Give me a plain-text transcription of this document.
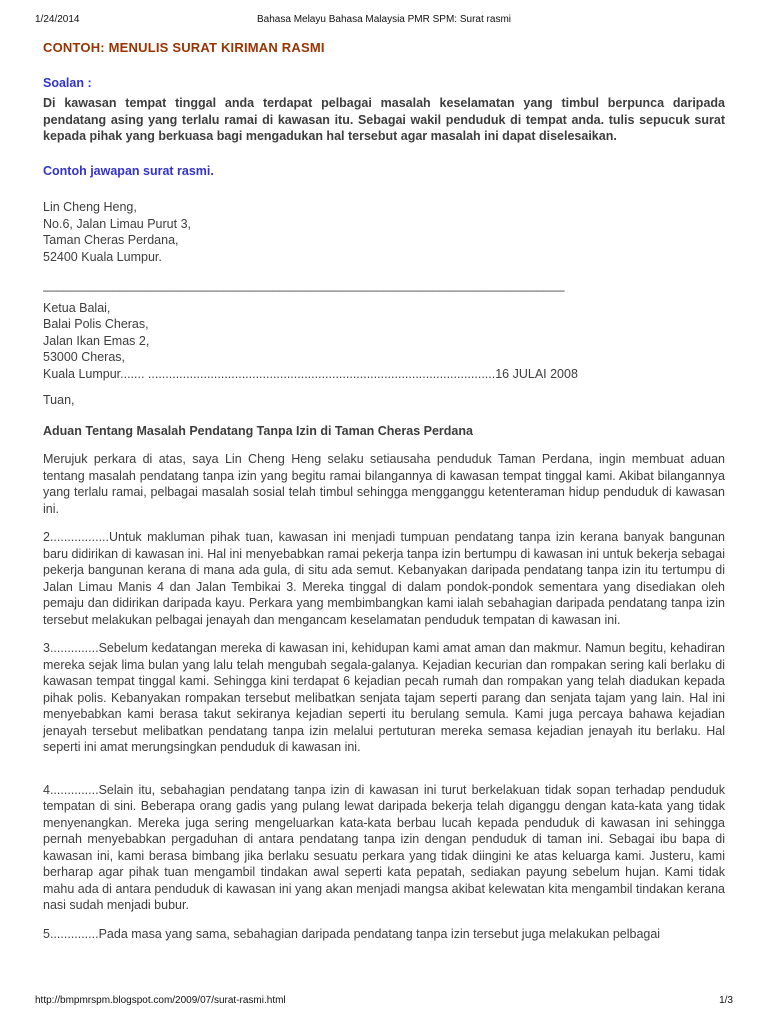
1/24/2014	Bahasa Melayu Bahasa Malaysia PMR SPM: Surat rasmi
CONTOH: MENULIS SURAT KIRIMAN RASMI
Soalan :

Di kawasan tempat tinggal anda terdapat pelbagai masalah keselamatan yang timbul berpunca daripada pendatang asing yang terlalu ramai di kawasan itu. Sebagai wakil penduduk di tempat anda. tulis sepucuk surat kepada pihak yang berkuasa bagi mengadukan hal tersebut agar masalah ini dapat diselesaikan.

Contoh jawapan surat rasmi.
Lin Cheng Heng,
No.6, Jalan Limau Purut 3,
Taman Cheras Perdana,
52400 Kuala Lumpur.
___________________________________________________________________________
Ketua Balai,
Balai Polis Cheras,
Jalan Ikan Emas 2,
53000 Cheras,
Kuala Lumpur....... ....................................................................................................16 JULAI 2008
Tuan,
Aduan Tentang Masalah Pendatang Tanpa Izin di Taman Cheras Perdana

Merujuk perkara di atas, saya Lin Cheng Heng selaku setiausaha penduduk Taman Perdana, ingin membuat aduan tentang masalah pendatang tanpa izin yang begitu ramai bilangannya di kawasan tempat tinggal kami. Akibat bilangannya yang terlalu ramai, pelbagai masalah sosial telah timbul sehingga mengganggu ketenteraman hidup penduduk di kawasan ini.

2.................Untuk makluman pihak tuan, kawasan ini menjadi tumpuan pendatang tanpa izin kerana banyak bangunan baru didirikan di kawasan ini. Hal ini menyebabkan ramai pekerja tanpa izin bertumpu di kawasan ini untuk bekerja sebagai pekerja bangunan kerana di mana ada gula, di situ ada semut. Kebanyakan daripada pendatang tanpa izin itu tertumpu di Jalan Limau Manis 4 dan Jalan Tembikai 3. Mereka tinggal di dalam pondok-pondok sementara yang disediakan oleh pemaju dan didirikan daripada kayu. Perkara yang membimbangkan kami ialah sebahagian daripada pendatang tanpa izin tersebut melakukan pelbagai jenayah dan mengancam keselamatan penduduk tempatan di kawasan ini.

3..............Sebelum kedatangan mereka di kawasan ini, kehidupan kami amat aman dan makmur. Namun begitu, kehadiran mereka sejak lima bulan yang lalu telah mengubah segala-galanya. Kejadian kecurian dan rompakan sering kali berlaku di kawasan tempat tinggal kami. Sehingga kini terdapat 6 kejadian pecah rumah dan rompakan yang telah diadukan kepada pihak polis. Kebanyakan rompakan tersebut melibatkan senjata tajam seperti parang dan senjata tajam yang lain. Hal ini menyebabkan kami berasa takut sekiranya kejadian seperti itu berulang semula. Kami juga percaya bahawa kejadian jenayah tersebut melibatkan pendatang tanpa izin melalui pertuturan mereka semasa kejadian jenayah itu berlaku. Hal seperti ini amat merungsingkan penduduk di kawasan ini.

4..............Selain itu, sebahagian pendatang tanpa izin di kawasan ini turut berkelakuan tidak sopan terhadap penduduk tempatan di sini. Beberapa orang gadis yang pulang lewat daripada bekerja telah diganggu dengan kata-kata yang tidak menyenangkan. Mereka juga sering mengeluarkan kata-kata berbau lucah kepada penduduk di kawasan ini sehingga pernah menyebabkan pergaduhan di antara pendatang tanpa izin dengan penduduk di taman ini. Sebagai ibu bapa di kawasan ini, kami berasa bimbang jika berlaku sesuatu perkara yang tidak diingini ke atas keluarga kami. Justeru, kami berharap agar pihak tuan mengambil tindakan awal seperti kata pepatah, sediakan payung sebelum hujan. Kami tidak mahu ada di antara penduduk di kawasan ini yang akan menjadi mangsa akibat kelewatan kita mengambil tindakan kerana nasi sudah menjadi bubur.

5..............Pada masa yang sama, sebahagian daripada pendatang tanpa izin tersebut juga melakukan pelbagai

http://bmpmrspm.blogspot.com/2009/07/surat-rasmi.html	1/3
